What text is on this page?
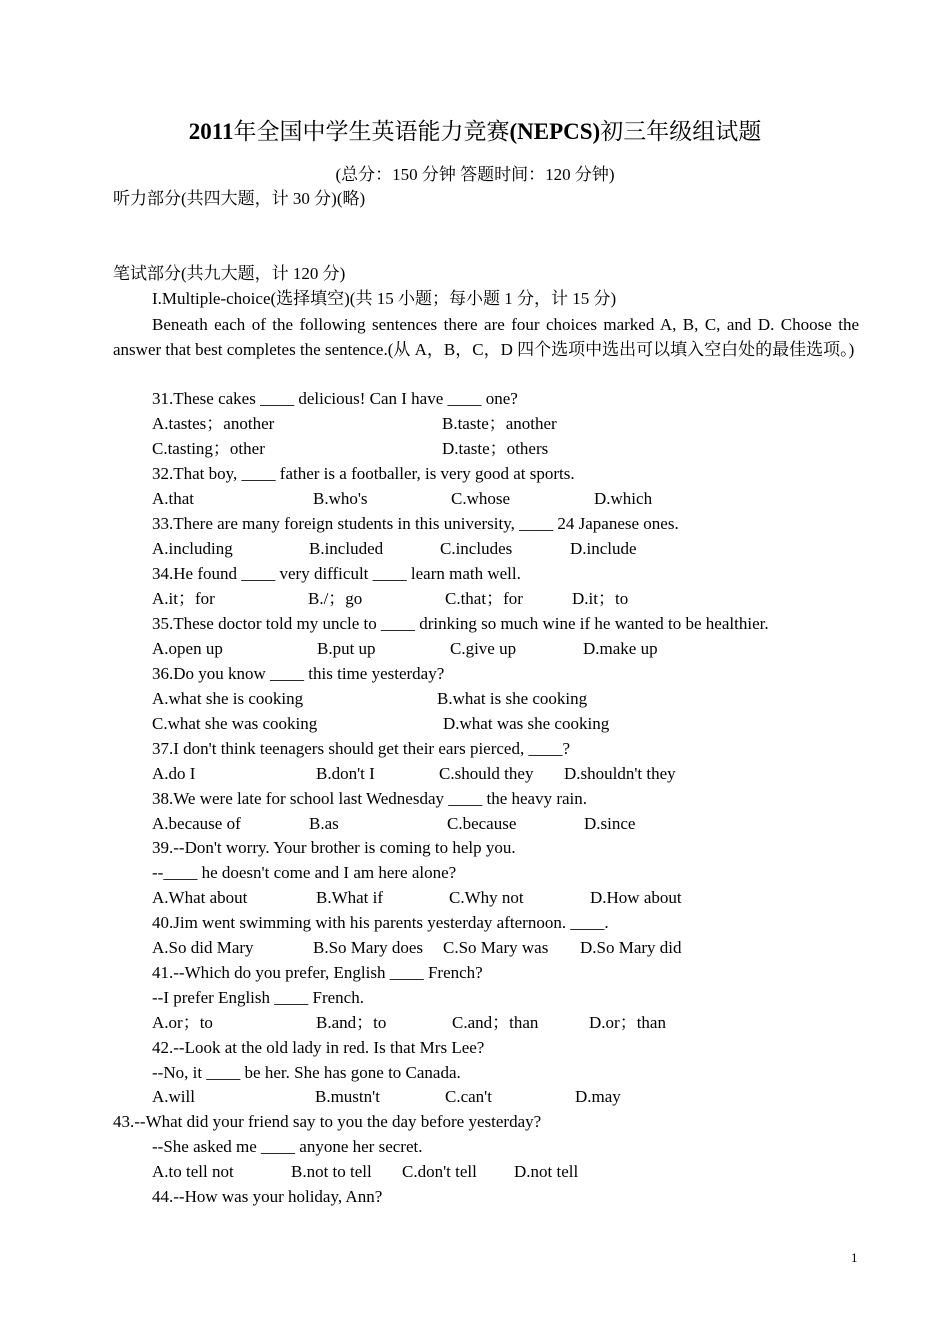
2011年全国中学生英语能力竞赛(NEPCS)初三年级组试题
(总分：150 分钟 答题时间：120 分钟)
听力部分(共四大题，计 30 分)(略)
笔试部分(共九大题，计 120 分)
I.Multiple-choice(选择填空)(共 15 小题；每小题 1 分，计 15 分)
Beneath each of the following sentences there are four choices marked A, B, C, and D. Choose the answer that best completes the sentence.(从 A，B，C，D 四个选项中选出可以填入空白处的最佳选项。)
31.These cakes ____ delicious! Can I have ____ one?
A.tastes；another	B.taste；another
C.tasting；other	D.taste；others
32.That boy, ____ father is a footballer, is very good at sports.
A.that	B.who's	C.whose	D.which
33.There are many foreign students in this university, ____ 24 Japanese ones.
A.including	B.included	C.includes	D.include
34.He found ____ very difficult ____ learn math well.
A.it；for	B./；go	C.that；for	D.it；to
35.These doctor told my uncle to ____ drinking so much wine if he wanted to be healthier.
A.open up	B.put up	C.give up	D.make up
36.Do you know ____ this time yesterday?
A.what she is cooking	B.what is she cooking
C.what she was cooking	D.what was she cooking
37.I don't think teenagers should get their ears pierced, ____?
A.do I	B.don't I	C.should they D.shouldn't they
38.We were late for school last Wednesday ____ the heavy rain.
A.because of	B.as	C.because	D.since
39.--Don't worry. Your brother is coming to help you.
--____ he doesn't come and I am here alone?
A.What about	B.What if	C.Why not	D.How about
40.Jim went swimming with his parents yesterday afternoon. ____.
A.So did Mary	B.So Mary does C.So Mary was D.So Mary did
41.--Which do you prefer, English ____ French?
--I prefer English ____ French.
A.or；to	B.and；to	C.and；than	D.or；than
42.--Look at the old lady in red. Is that Mrs Lee?
--No, it ____ be her. She has gone to Canada.
A.will	B.mustn't	C.can't	D.may
43.--What did your friend say to you the day before yesterday?
--She asked me ____ anyone her secret.
A.to tell not	B.not to tell C.don't tell D.not tell
44.--How was your holiday, Ann?
1
